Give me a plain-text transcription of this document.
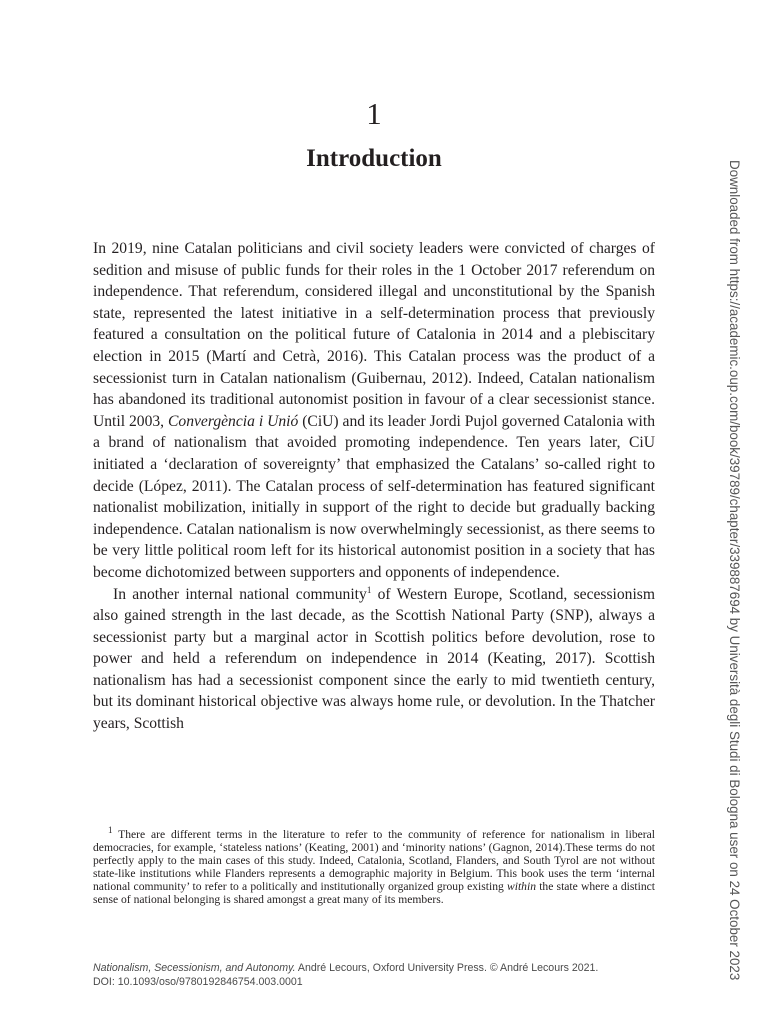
1
Introduction

In 2019, nine Catalan politicians and civil society leaders were convicted of charges of sedition and misuse of public funds for their roles in the 1 October 2017 referendum on independence. That referendum, considered illegal and unconstitutional by the Spanish state, represented the latest initiative in a self-determination process that previously featured a consultation on the political future of Catalonia in 2014 and a plebiscitary election in 2015 (Martí and Cetrà, 2016). This Catalan process was the product of a secessionist turn in Catalan nationalism (Guibernau, 2012). Indeed, Catalan nationalism has abandoned its traditional autonomist position in favour of a clear secessionist stance. Until 2003, Convergència i Unió (CiU) and its leader Jordi Pujol governed Catalonia with a brand of nationalism that avoided promoting independence. Ten years later, CiU initiated a ‘declaration of sovereignty’ that emphasized the Catalans’ so-called right to decide (López, 2011). The Catalan process of self-determination has featured significant nationalist mobilization, initially in support of the right to decide but gradually backing independence. Catalan nationalism is now overwhelmingly secessionist, as there seems to be very little political room left for its historical autonomist position in a society that has become dichotomized between supporters and opponents of independence.

In another internal national community$^1$ of Western Europe, Scotland, secessionism also gained strength in the last decade, as the Scottish National Party (SNP), always a secessionist party but a marginal actor in Scottish politics before devolution, rose to power and held a referendum on independence in 2014 (Keating, 2017). Scottish nationalism has had a secessionist component since the early to mid twentieth century, but its dominant historical objective was always home rule, or devolution. In the Thatcher years, Scottish

$^1$ There are different terms in the literature to refer to the community of reference for nationalism in liberal democracies, for example, ‘stateless nations’ (Keating, 2001) and ‘minority nations’ (Gagnon, 2014).These terms do not perfectly apply to the main cases of this study. Indeed, Catalonia, Scotland, Flanders, and South Tyrol are not without state-like institutions while Flanders represents a demographic majority in Belgium. This book uses the term ‘internal national community’ to refer to a politically and institutionally organized group existing within the state where a distinct sense of national belonging is shared amongst a great many of its members.

Nationalism, Secessionism, and Autonomy. André Lecours, Oxford University Press. © André Lecours 2021.
DOI: 10.1093/oso/9780192846754.003.0001
Downloaded from https://academic.oup.com/book/39789/chapter/339887694 by Università degli Studi di Bologna user on 24 October 2023
